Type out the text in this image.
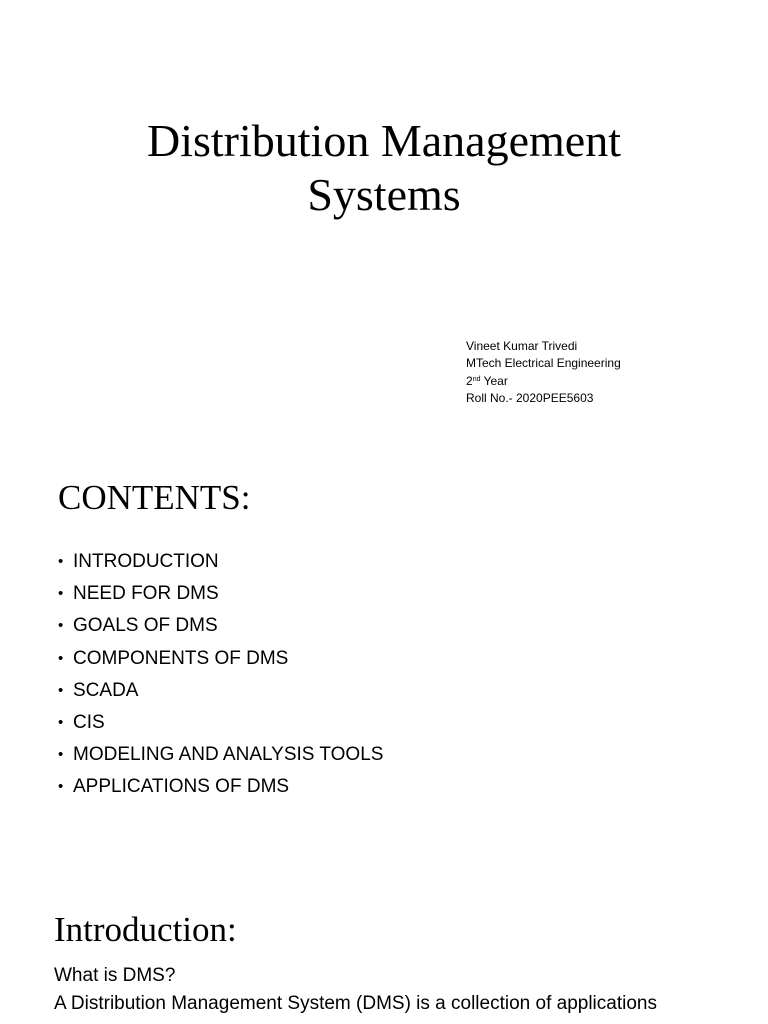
Distribution Management
Systems
Vineet Kumar Trivedi
MTech Electrical Engineering
2nd Year
Roll No.- 2020PEE5603
CONTENTS:
• INTRODUCTION
• NEED FOR DMS
• GOALS OF DMS
• COMPONENTS OF DMS
• SCADA
• CIS
• MODELING AND ANALYSIS TOOLS
• APPLICATIONS OF DMS
Introduction:
What is DMS?
A Distribution Management System (DMS) is a collection of applications
